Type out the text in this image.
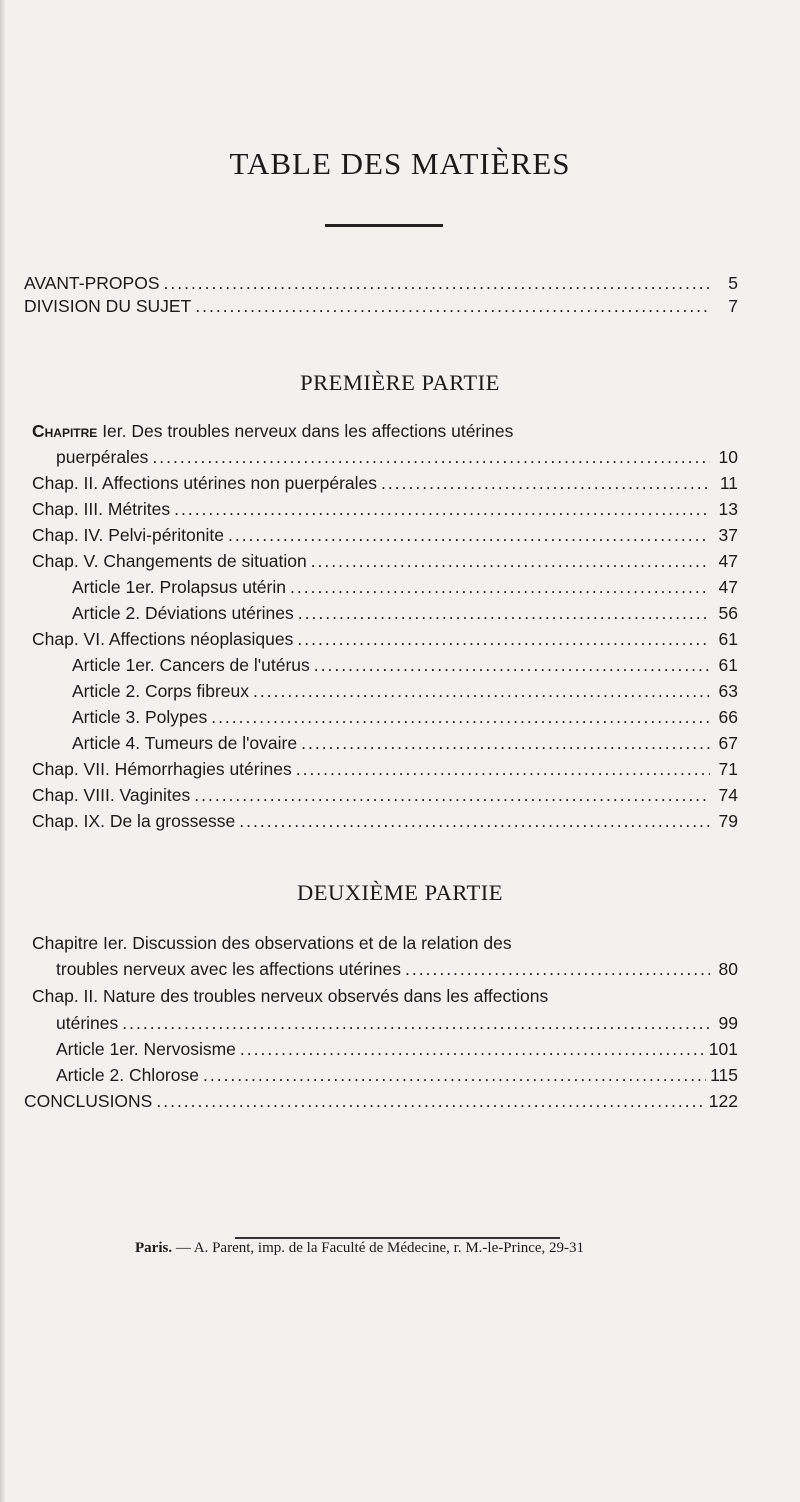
TABLE DES MATIÈRES
AVANT-PROPOS .....	5
DIVISION DU SUJET .....	7
PREMIÈRE PARTIE
Chapitre Ier. Des troubles nerveux dans les affections utérines
puerpérales .....	10
Chap. II. Affections utérines non puerpérales .....	11
Chap. III. Métrites .....	13
Chap. IV. Pelvi-péritonite .....	37
Chap. V. Changements de situation .....	47
Article 1er. Prolapsus utérin .....	47
Article 2. Déviations utérines .....	56
Chap. VI. Affections néoplasiques .....	61
Article 1er. Cancers de l'utérus .....	61
Article 2. Corps fibreux .....	63
Article 3. Polypes .....	66
Article 4. Tumeurs de l'ovaire .....	67
Chap. VII. Hémorrhagies utérines .....	71
Chap. VIII. Vaginites .....	74
Chap. IX. De la grossesse .....	79
DEUXIÈME PARTIE
Chapitre Ier. Discussion des observations et de la relation des
troubles nerveux avec les affections utérines .....	80
Chap. II. Nature des troubles nerveux observés dans les affections
utérines .....	99
Article 1er. Nervosisme .....	101
Article 2. Chlorose .....	115
CONCLUSIONS .....	122
Paris. — A. Parent, imp. de la Faculté de Médecine, r. M.-le-Prince, 29-31
